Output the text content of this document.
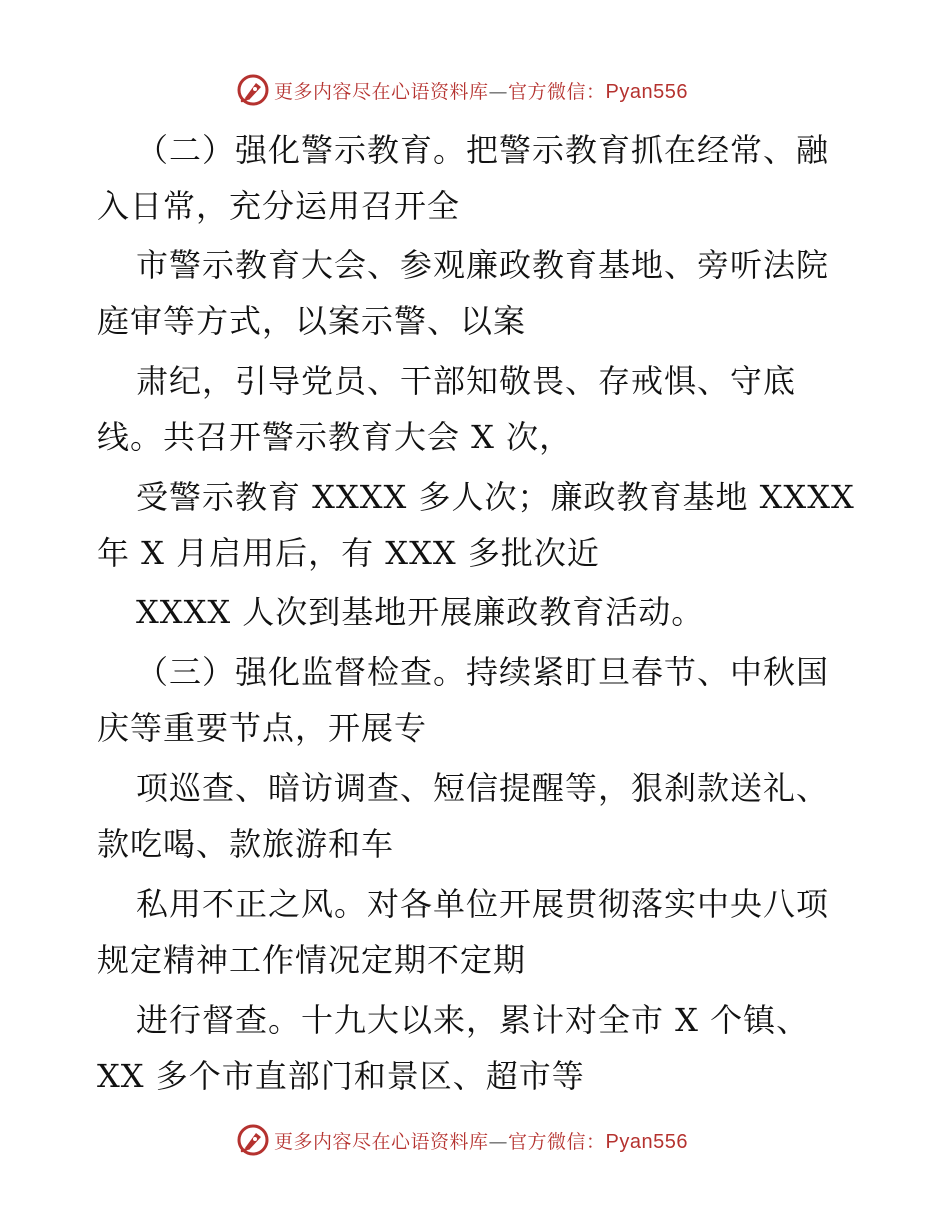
更多内容尽在心语资料库—官方微信：Pyan556
（二）强化警示教育。把警示教育抓在经常、融
入日常，充分运用召开全
市警示教育大会、参观廉政教育基地、旁听法院
庭审等方式，以案示警、以案
肃纪，引导党员、干部知敬畏、存戒惧、守底
线。共召开警示教育大会 X 次，
受警示教育 XXXX 多人次；廉政教育基地 XXXX
年 X 月启用后，有 XXX 多批次近
XXXX 人次到基地开展廉政教育活动。
（三）强化监督检查。持续紧盯旦春节、中秋国
庆等重要节点，开展专
项巡查、暗访调查、短信提醒等，狠刹款送礼、
款吃喝、款旅游和车
私用不正之风。对各单位开展贯彻落实中央八项
规定精神工作情况定期不定期
进行督查。十九大以来，累计对全市 X 个镇、
XX 多个市直部门和景区、超市等
更多内容尽在心语资料库—官方微信：Pyan556
